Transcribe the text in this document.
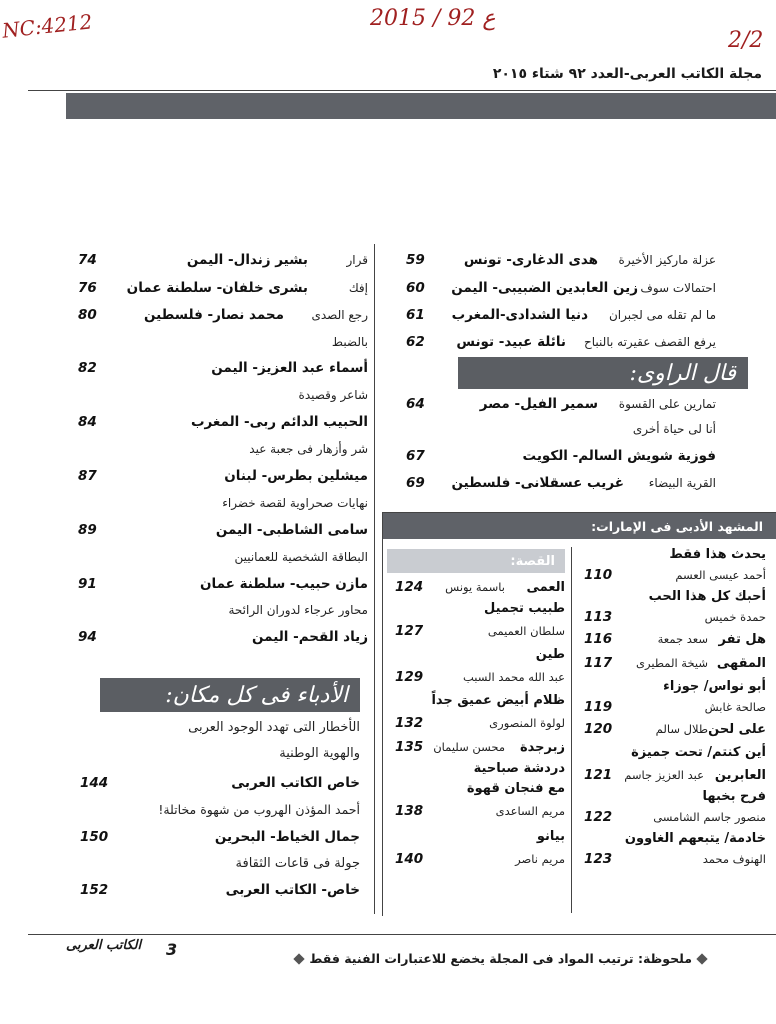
NC:4212	2015 / 92 ع
2/2
مجلة الكاتب العربى-العدد ٩٢ شتاء ٢٠١٥
عزلة ماركيز الأخيرة
هدى الدغارى- تونس
59
احتمالات سوف
زين العابدين الضبيبى- اليمن
60
ما لم تقله مى لجبران
دنيا الشدادى-المغرب
61
يرفع القصف عقيرته بالنباح
نائلة عبيد- تونس
62
قال الراوى:
تمارين على القسوة
سمير الفيل- مصر
64
أنا لى حياة أخرى
فوزية شويش السالم- الكويت
67
القرية البيضاء
غريب عسقلانى- فلسطين
69
قرار
بشير زندال- اليمن
74
إفك
بشرى خلفان- سلطنة عمان
76
رجع الصدى
محمد نصار- فلسطين
80
بالضبط
أسماء عبد العزيز- اليمن
82
شاعر وقصيدة
الحبيب الدائم ربى- المغرب
84
شر وأزهار فى جعبة عيد
ميشلين بطرس- لبنان
87
نهايات صحراوية لقصة خضراء
سامى الشاطبى- اليمن
89
البطاقة الشخصية للعمانيين
مازن حبيب- سلطنة عمان
91
محاور عرجاء لدوران الرائحة
زياد القحم- اليمن
94
الأدباء فى كل مكان:
الأخطار التى تهدد الوجود العربى
والهوية الوطنية
خاص الكاتب العربى
144
أحمد المؤذن الهروب من شهوة مخاتلة!
جمال الخياط- البحرين
150
جولة فى قاعات الثقافة
خاص- الكاتب العربى
152
المشهد الأدبى فى الإمارات:
يحدث هذا فقط
أحمد عيسى العسم
110
أحبك كل هذا الحب
حمدة خميس
113
هل تفر
سعد جمعة
116
المقهى
شيخة المطيرى
117
أبو نواس/ جوزاء
صالحة غابش
119
على لحن
طلال سالم
120
أين كنتم/ تحت جميزة
العابرين
عبد العزيز جاسم
121
فرح بخبها
منصور جاسم الشامسى
122
خادمة/ يتبعهم الغاوون
الهنوف محمد
123
القصة:
العمى
باسمة يونس
124
طبيب تجميل
سلطان العميمى
127
طين
عبد الله محمد السبب
129
ظلام أبيض عميق جداً
لولوة المنصورى
132
زبرجدة
محسن سليمان
135
دردشة صباحية
مع فنجان قهوة
مريم الساعدى
138
بيانو
مريم ناصر
140
الكاتب العربى 3	ملحوظة: ترتيب المواد فى المجلة يخضع للاعتبارات الفنية فقط
